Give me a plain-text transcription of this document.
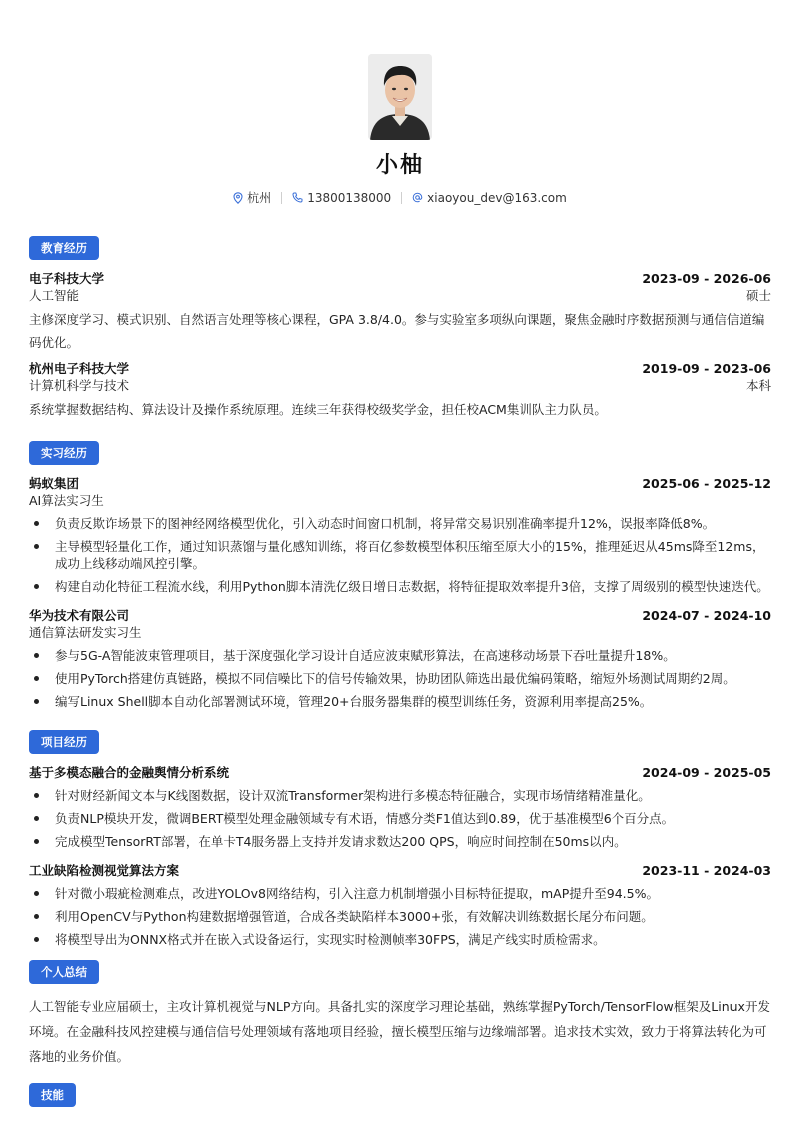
小柚
杭州	13800138000	xiaoyou_dev@163.com
教育经历
电子科技大学	2023-09 - 2026-06
人工智能	硕士
主修深度学习、模式识别、自然语言处理等核心课程，GPA 3.8/4.0。参与实验室多项纵向课题，聚焦金融时序数据预测与通信信道编码优化。
杭州电子科技大学	2019-09 - 2023-06
计算机科学与技术	本科
系统掌握数据结构、算法设计及操作系统原理。连续三年获得校级奖学金，担任校ACM集训队主力队员。
实习经历
蚂蚁集团	2025-06 - 2025-12
AI算法实习生
负责反欺诈场景下的图神经网络模型优化，引入动态时间窗口机制，将异常交易识别准确率提升12%，误报率降低8%。
主导模型轻量化工作，通过知识蒸馏与量化感知训练，将百亿参数模型体积压缩至原大小的15%，推理延迟从45ms降至12ms，成功上线移动端风控引擎。
构建自动化特征工程流水线，利用Python脚本清洗亿级日增日志数据，将特征提取效率提升3倍，支撑了周级别的模型快速迭代。
华为技术有限公司	2024-07 - 2024-10
通信算法研发实习生
参与5G-A智能波束管理项目，基于深度强化学习设计自适应波束赋形算法，在高速移动场景下吞吐量提升18%。
使用PyTorch搭建仿真链路，模拟不同信噪比下的信号传输效果，协助团队筛选出最优编码策略，缩短外场测试周期约2周。
编写Linux Shell脚本自动化部署测试环境，管理20+台服务器集群的模型训练任务，资源利用率提高25%。
项目经历
基于多模态融合的金融舆情分析系统	2024-09 - 2025-05
针对财经新闻文本与K线图数据，设计双流Transformer架构进行多模态特征融合，实现市场情绪精准量化。
负责NLP模块开发，微调BERT模型处理金融领域专有术语，情感分类F1值达到0.89，优于基准模型6个百分点。
完成模型TensorRT部署，在单卡T4服务器上支持并发请求数达200 QPS，响应时间控制在50ms以内。
工业缺陷检测视觉算法方案	2023-11 - 2024-03
针对微小瑕疵检测难点，改进YOLOv8网络结构，引入注意力机制增强小目标特征提取，mAP提升至94.5%。
利用OpenCV与Python构建数据增强管道，合成各类缺陷样本3000+张，有效解决训练数据长尾分布问题。
将模型导出为ONNX格式并在嵌入式设备运行，实现实时检测帧率30FPS，满足产线实时质检需求。
个人总结
人工智能专业应届硕士，主攻计算机视觉与NLP方向。具备扎实的深度学习理论基础，熟练掌握PyTorch/TensorFlow框架及Linux开发环境。在金融科技风控建模与通信信号处理领域有落地项目经验，擅长模型压缩与边缘端部署。追求技术实效，致力于将算法转化为可落地的业务价值。
技能
